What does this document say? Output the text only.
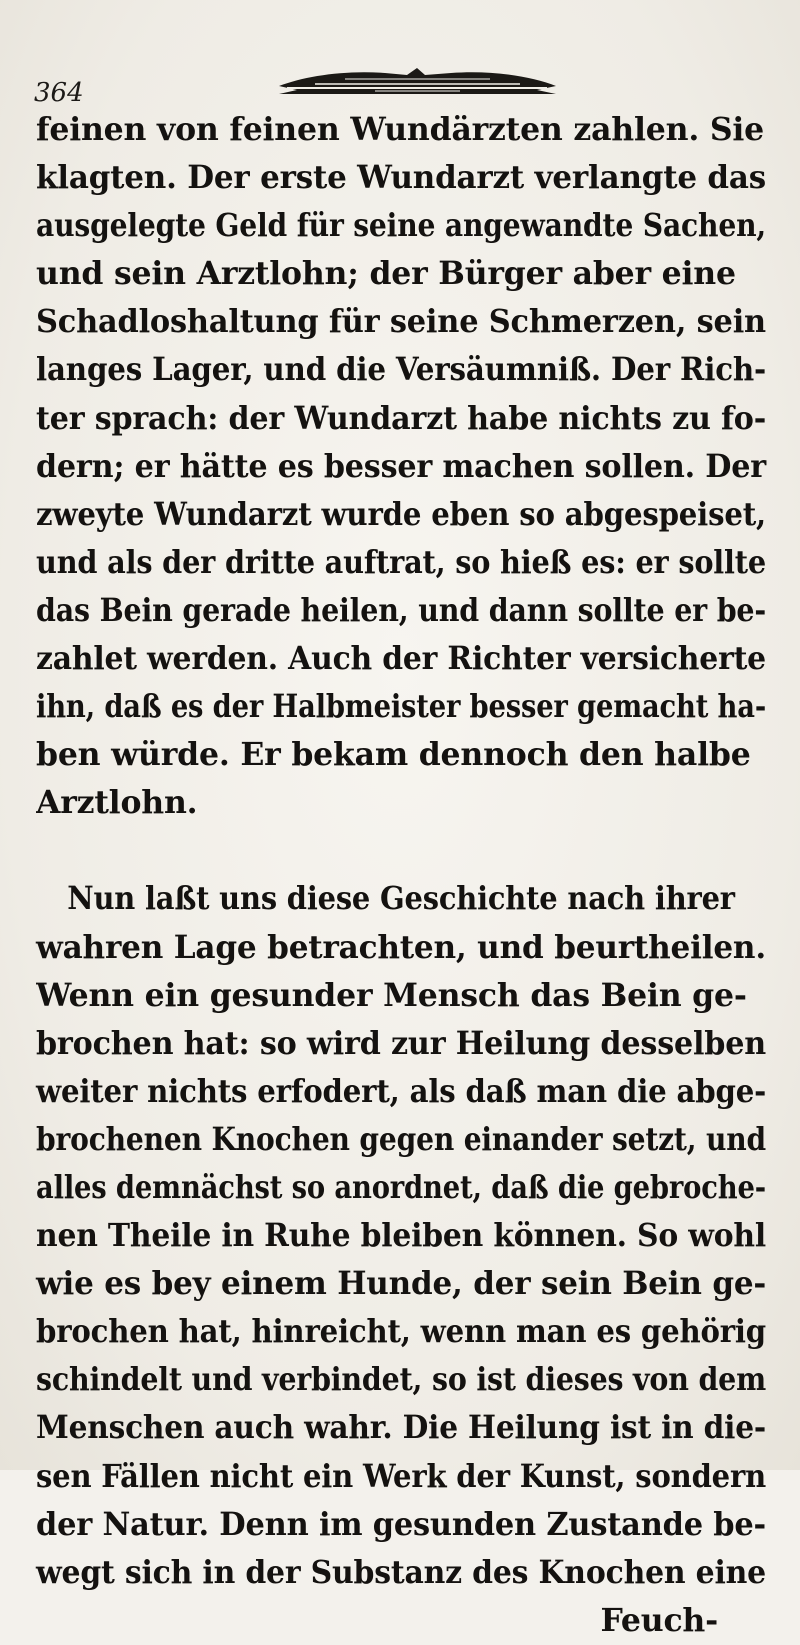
364
feinen von feinen Wundärzten zahlen. Sie
klagten. Der erste Wundarzt verlangte das
ausgelegte Geld für seine angewandte Sachen,
und sein Arztlohn; der Bürger aber eine
Schadloshaltung für seine Schmerzen, sein
langes Lager, und die Versäumniß. Der Rich-
ter sprach: der Wundarzt habe nichts zu fo-
dern; er hätte es besser machen sollen. Der
zweyte Wundarzt wurde eben so abgespeiset,
und als der dritte auftrat, so hieß es: er sollte
das Bein gerade heilen, und dann sollte er be-
zahlet werden. Auch der Richter versicherte
ihn, daß es der Halbmeister besser gemacht ha-
ben würde. Er bekam dennoch den halbe
Arztlohn.
Nun laßt uns diese Geschichte nach ihrer
wahren Lage betrachten, und beurtheilen.
Wenn ein gesunder Mensch das Bein ge-
brochen hat: so wird zur Heilung desselben
weiter nichts erfodert, als daß man die abge-
brochenen Knochen gegen einander setzt, und
alles demnächst so anordnet, daß die gebroche-
nen Theile in Ruhe bleiben können. So wohl
wie es bey einem Hunde, der sein Bein ge-
brochen hat, hinreicht, wenn man es gehörig
schindelt und verbindet, so ist dieses von dem
Menschen auch wahr. Die Heilung ist in die-
sen Fällen nicht ein Werk der Kunst, sondern
der Natur. Denn im gesunden Zustande be-
wegt sich in der Substanz des Knochen eine
Feuch-
